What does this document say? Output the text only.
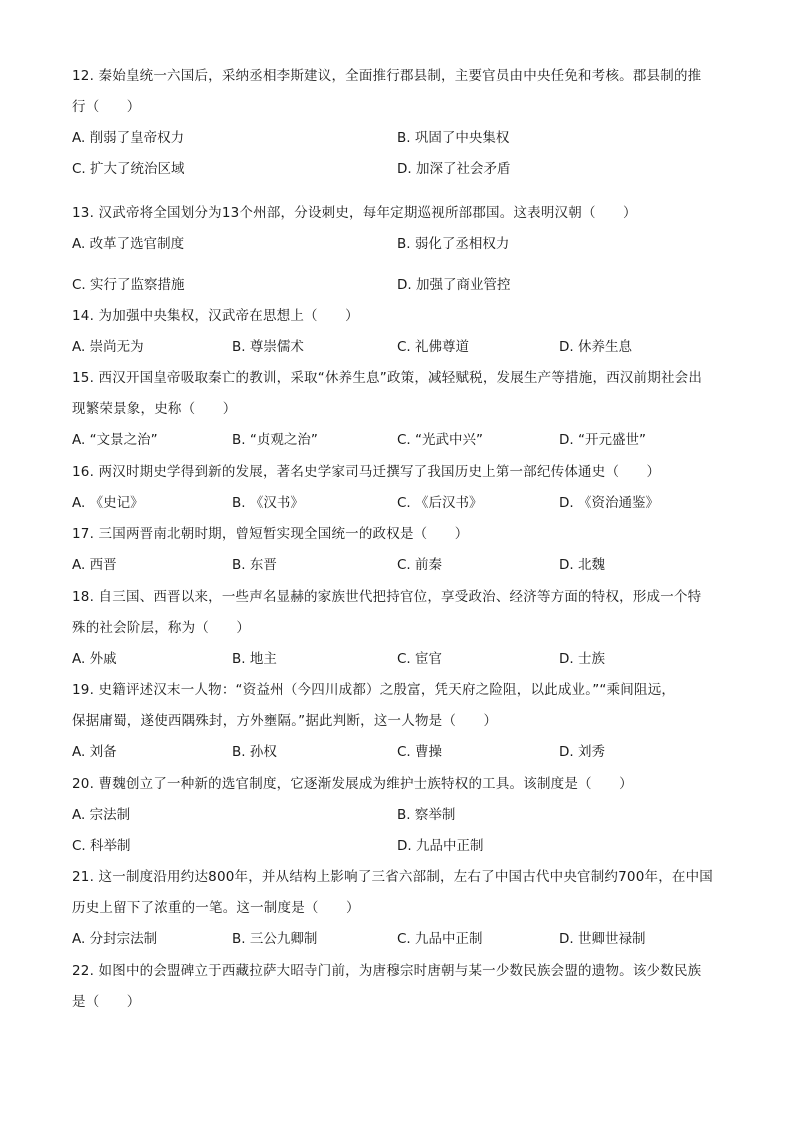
12. 秦始皇统一六国后，采纳丞相李斯建议，全面推行郡县制，主要官员由中央任免和考核。郡县制的推
行（　　）
A. 削弱了皇帝权力	B. 巩固了中央集权
C. 扩大了统治区域	D. 加深了社会矛盾
13. 汉武帝将全国划分为13个州部，分设刺史，每年定期巡视所部郡国。这表明汉朝（　　）
A. 改革了选官制度	B. 弱化了丞相权力
C. 实行了监察措施	D. 加强了商业管控
14. 为加强中央集权，汉武帝在思想上（　　）
A. 崇尚无为	B. 尊崇儒术	C. 礼佛尊道	D. 休养生息
15. 西汉开国皇帝吸取秦亡的教训，采取“休养生息”政策，减轻赋税，发展生产等措施，西汉前期社会出
现繁荣景象，史称（　　）
A. “文景之治”	B. “贞观之治”	C. “光武中兴”	D. “开元盛世”
16. 两汉时期史学得到新的发展，著名史学家司马迁撰写了我国历史上第一部纪传体通史（　　）
A. 《史记》	B. 《汉书》	C. 《后汉书》	D. 《资治通鉴》
17. 三国两晋南北朝时期，曾短暂实现全国统一的政权是（　　）
A. 西晋	B. 东晋	C. 前秦	D. 北魏
18. 自三国、西晋以来，一些声名显赫的家族世代把持官位，享受政治、经济等方面的特权，形成一个特
殊的社会阶层，称为（　　）
A. 外戚	B. 地主	C. 宦官	D. 士族
19. 史籍评述汉末一人物：“资益州（今四川成都）之殷富，凭天府之险阻，以此成业。”“乘间阻远，
保据庸蜀，遂使西隅殊封，方外壅隔。”据此判断，这一人物是（　　）
A. 刘备	B. 孙权	C. 曹操	D. 刘秀
20. 曹魏创立了一种新的选官制度，它逐渐发展成为维护士族特权的工具。该制度是（　　）
A. 宗法制	B. 察举制
C. 科举制	D. 九品中正制
21. 这一制度沿用约达800年，并从结构上影响了三省六部制，左右了中国古代中央官制约700年，在中国
历史上留下了浓重的一笔。这一制度是（　　）
A. 分封宗法制	B. 三公九卿制	C. 九品中正制	D. 世卿世禄制
22. 如图中的会盟碑立于西藏拉萨大昭寺门前，为唐穆宗时唐朝与某一少数民族会盟的遗物。该少数民族
是（　　）
